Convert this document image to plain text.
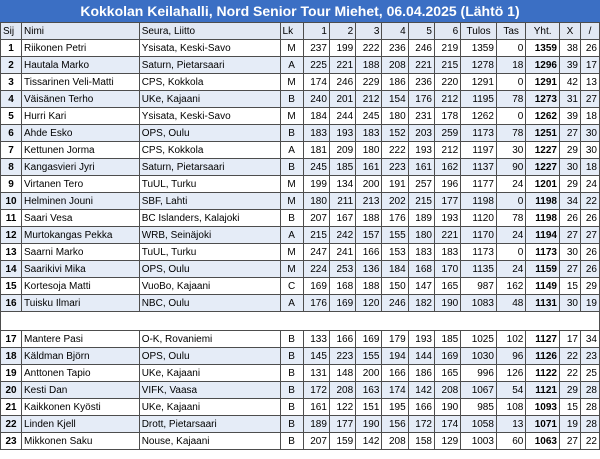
Kokkolan Keilahalli, Nord Senior Tour Miehet, 06.04.2025 (Lähtö 1)
Sij	Nimi	Seura, Liitto	Lk	1	2	3	4	5	6	Tulos	Tas	Yht.	X	/
1	Riikonen Petri	Ysisata, Keski-Savo	M	237	199	222	236	246	219	1359	0	1359	38	26
2	Hautala Marko	Saturn, Pietarsaari	A	225	221	188	208	221	215	1278	18	1296	39	17
3	Tissarinen Veli-Matti	CPS, Kokkola	M	174	246	229	186	236	220	1291	0	1291	42	13
4	Väisänen Terho	UKe, Kajaani	B	240	201	212	154	176	212	1195	78	1273	31	27
5	Hurri Kari	Ysisata, Keski-Savo	M	184	244	245	180	231	178	1262	0	1262	39	18
6	Ahde Esko	OPS, Oulu	B	183	193	183	152	203	259	1173	78	1251	27	30
7	Kettunen Jorma	CPS, Kokkola	A	181	209	180	222	193	212	1197	30	1227	29	30
8	Kangasvieri Jyri	Saturn, Pietarsaari	B	245	185	161	223	161	162	1137	90	1227	30	18
9	Virtanen Tero	TuUL, Turku	M	199	134	200	191	257	196	1177	24	1201	29	24
10	Helminen Jouni	SBF, Lahti	M	180	211	213	202	215	177	1198	0	1198	34	22
11	Saari Vesa	BC Islanders, Kalajoki	B	207	167	188	176	189	193	1120	78	1198	26	26
12	Murtokangas Pekka	WRB, Seinäjoki	A	215	242	157	155	180	221	1170	24	1194	27	27
13	Saarni Marko	TuUL, Turku	M	247	241	166	153	183	183	1173	0	1173	30	26
14	Saarikivi Mika	OPS, Oulu	M	224	253	136	184	168	170	1135	24	1159	27	26
15	Kortesoja Matti	VuoBo, Kajaani	C	169	168	188	150	147	165	987	162	1149	15	29
16	Tuisku Ilmari	NBC, Oulu	A	176	169	120	246	182	190	1083	48	1131	30	19

17	Mantere Pasi	O-K, Rovaniemi	B	133	166	169	179	193	185	1025	102	1127	17	34
18	Käldman Björn	OPS, Oulu	B	145	223	155	194	144	169	1030	96	1126	22	23
19	Anttonen Tapio	UKe, Kajaani	B	131	148	200	166	186	165	996	126	1122	22	25
20	Kesti Dan	VIFK, Vaasa	B	172	208	163	174	142	208	1067	54	1121	29	28
21	Kaikkonen Kyösti	UKe, Kajaani	B	161	122	151	195	166	190	985	108	1093	15	28
22	Linden Kjell	Drott, Pietarsaari	B	189	177	190	156	172	174	1058	13	1071	19	28
23	Mikkonen Saku	Nouse, Kajaani	B	207	159	142	208	158	129	1003	60	1063	27	22
